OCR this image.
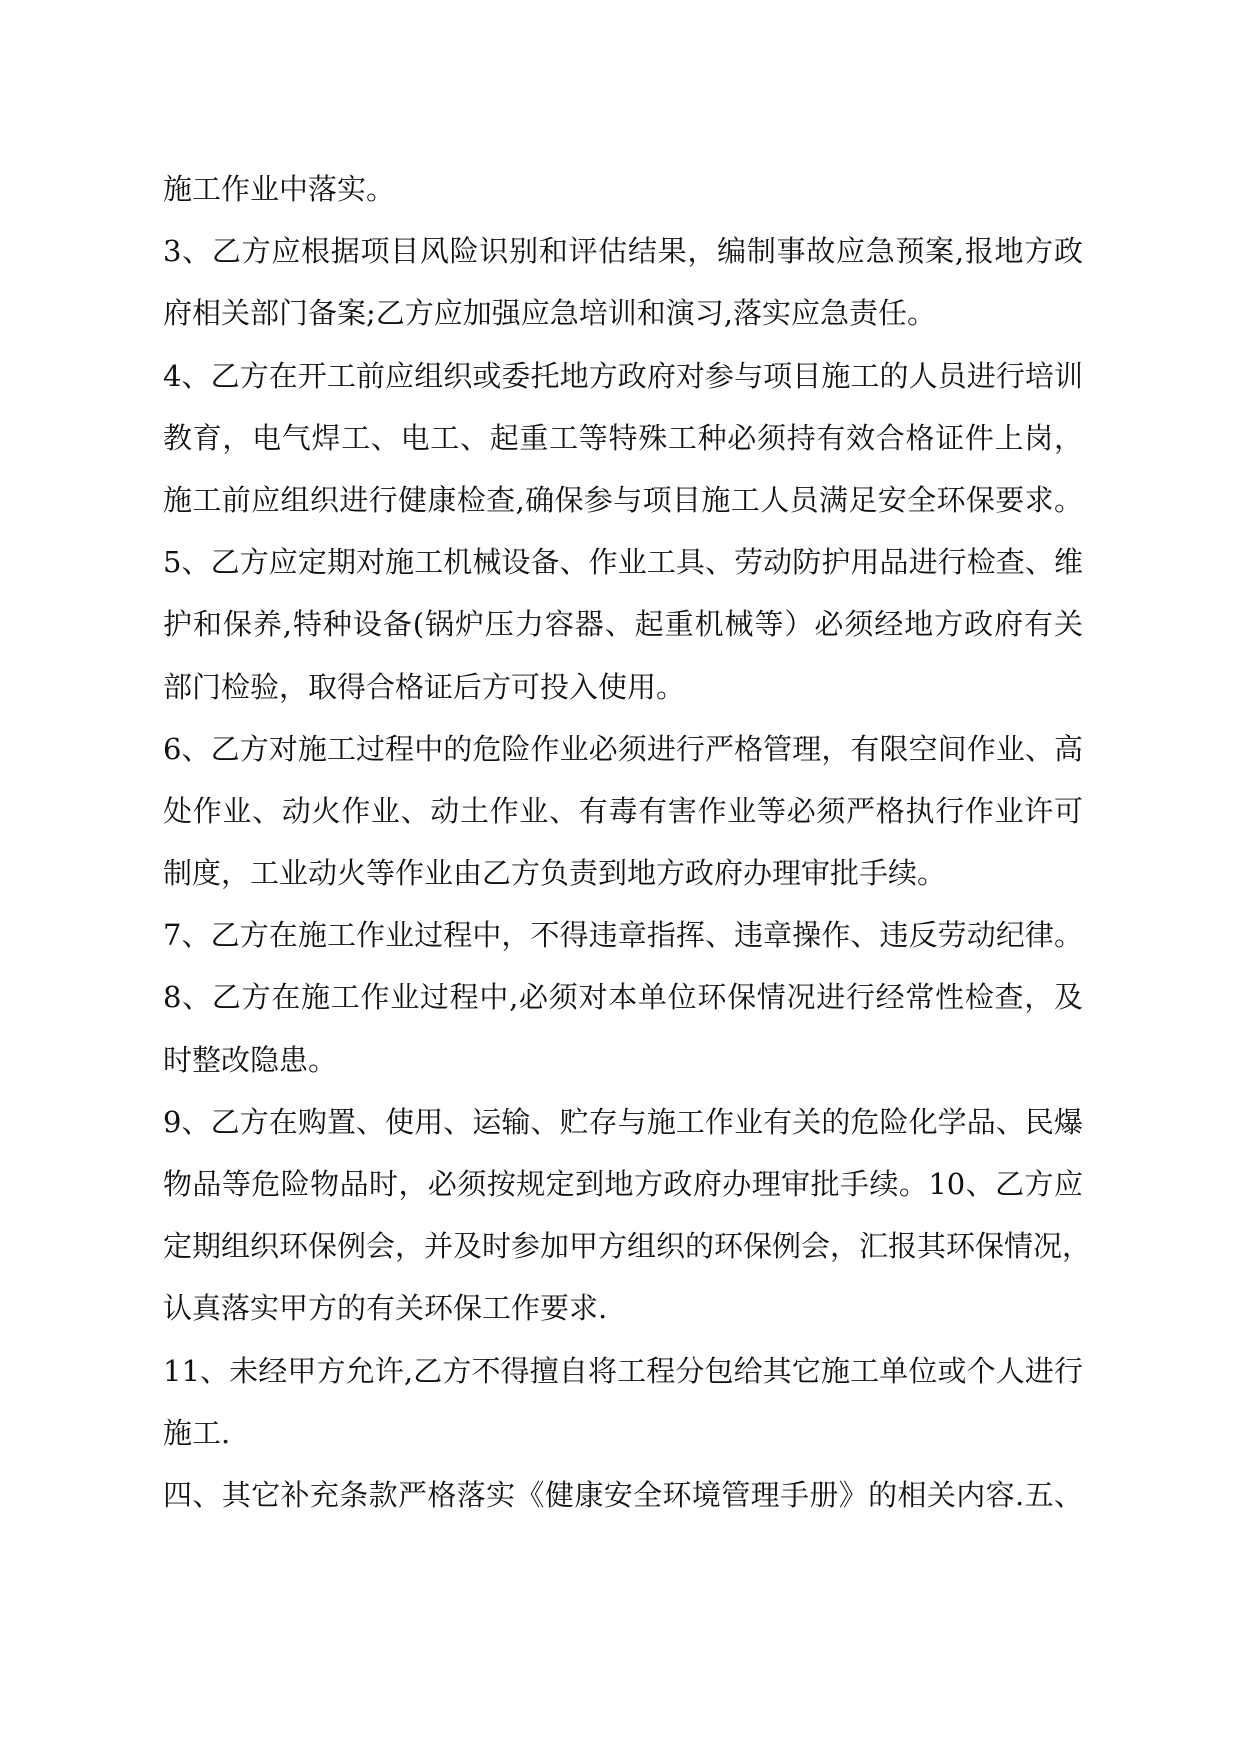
施工作业中落实。
3、乙方应根据项目风险识别和评估结果，编制事故应急预案,报地方政
府相关部门备案;乙方应加强应急培训和演习,落实应急责任。
4、乙方在开工前应组织或委托地方政府对参与项目施工的人员进行培训
教育，电气焊工、电工、起重工等特殊工种必须持有效合格证件上岗，
施工前应组织进行健康检查,确保参与项目施工人员满足安全环保要求。
5、乙方应定期对施工机械设备、作业工具、劳动防护用品进行检查、维
护和保养,特种设备(锅炉压力容器、起重机械等）必须经地方政府有关
部门检验，取得合格证后方可投入使用。
6、乙方对施工过程中的危险作业必须进行严格管理，有限空间作业、高
处作业、动火作业、动土作业、有毒有害作业等必须严格执行作业许可
制度，工业动火等作业由乙方负责到地方政府办理审批手续。
7、乙方在施工作业过程中，不得违章指挥、违章操作、违反劳动纪律。
8、乙方在施工作业过程中,必须对本单位环保情况进行经常性检查，及
时整改隐患。
9、乙方在购置、使用、运输、贮存与施工作业有关的危险化学品、民爆
物品等危险物品时，必须按规定到地方政府办理审批手续。10、乙方应
定期组织环保例会，并及时参加甲方组织的环保例会，汇报其环保情况，
认真落实甲方的有关环保工作要求.
11、未经甲方允许,乙方不得擅自将工程分包给其它施工单位或个人进行
施工.
四、其它补充条款严格落实《健康安全环境管理手册》的相关内容.五、
